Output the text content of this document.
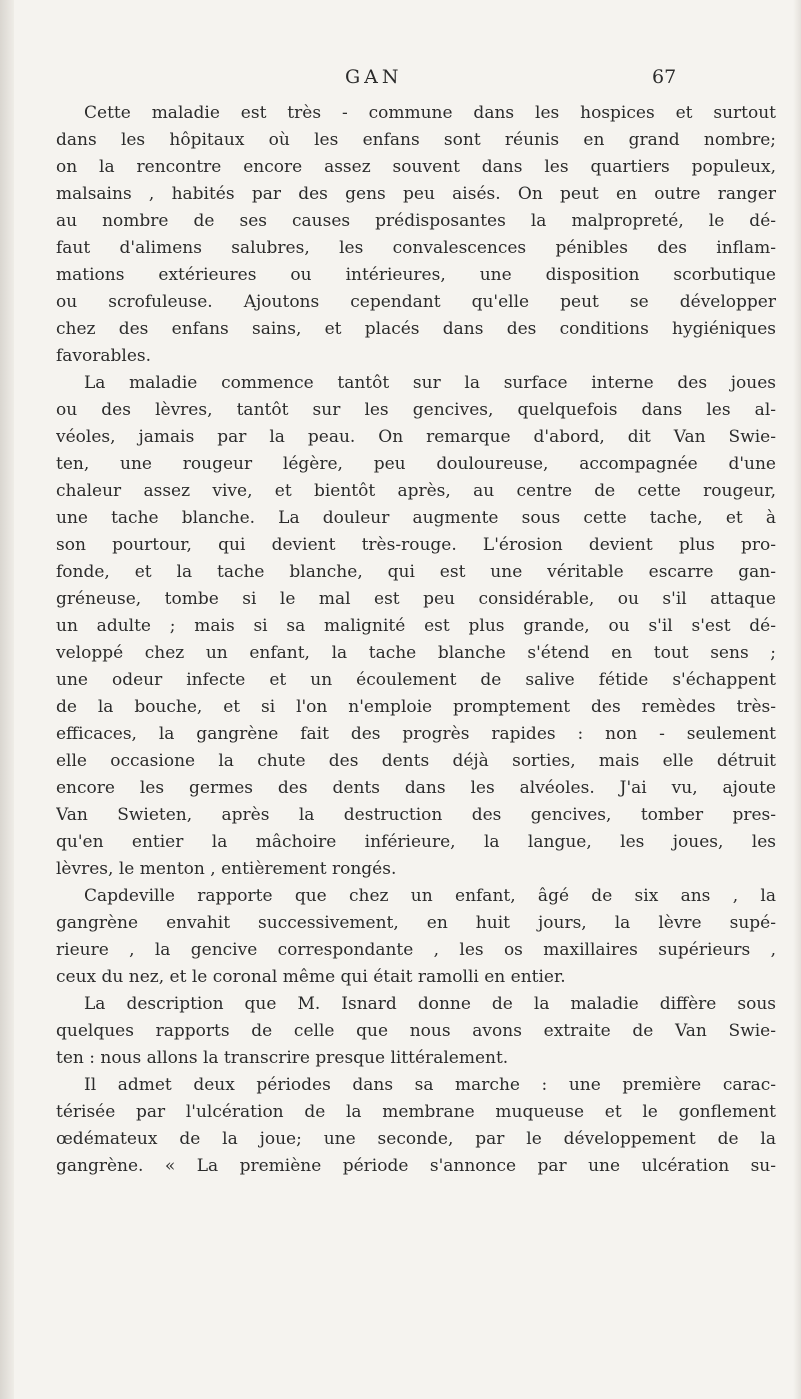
GAN	67
Cette maladie est très - commune dans les hospices et surtout
dans les hôpitaux où les enfans sont réunis en grand nombre;
on la rencontre encore assez souvent dans les quartiers populeux,
malsains , habités par des gens peu aisés. On peut en outre ranger
au nombre de ses causes prédisposantes la malpropreté, le dé-
faut d'alimens salubres, les convalescences pénibles des inflam-
mations extérieures ou intérieures, une disposition scorbutique
ou scrofuleuse. Ajoutons cependant qu'elle peut se développer
chez des enfans sains, et placés dans des conditions hygiéniques
favorables.
La maladie commence tantôt sur la surface interne des joues
ou des lèvres, tantôt sur les gencives, quelquefois dans les al-
véoles, jamais par la peau. On remarque d'abord, dit Van Swie-
ten, une rougeur légère, peu douloureuse, accompagnée d'une
chaleur assez vive, et bientôt après, au centre de cette rougeur,
une tache blanche. La douleur augmente sous cette tache, et à
son pourtour, qui devient très-rouge. L'érosion devient plus pro-
fonde, et la tache blanche, qui est une véritable escarre gan-
gréneuse, tombe si le mal est peu considérable, ou s'il attaque
un adulte ; mais si sa malignité est plus grande, ou s'il s'est dé-
veloppé chez un enfant, la tache blanche s'étend en tout sens ;
une odeur infecte et un écoulement de salive fétide s'échappent
de la bouche, et si l'on n'emploie promptement des remèdes très-
efficaces, la gangrène fait des progrès rapides : non - seulement
elle occasione la chute des dents déjà sorties, mais elle détruit
encore les germes des dents dans les alvéoles. J'ai vu, ajoute
Van Swieten, après la destruction des gencives, tomber pres-
qu'en entier la mâchoire inférieure, la langue, les joues, les
lèvres, le menton , entièrement rongés.
Capdeville rapporte que chez un enfant, âgé de six ans , la
gangrène envahit successivement, en huit jours, la lèvre supé-
rieure , la gencive correspondante , les os maxillaires supérieurs ,
ceux du nez, et le coronal même qui était ramolli en entier.
La description que M. Isnard donne de la maladie diffère sous
quelques rapports de celle que nous avons extraite de Van Swie-
ten : nous allons la transcrire presque littéralement.
Il admet deux périodes dans sa marche : une première carac-
térisée par l'ulcération de la membrane muqueuse et le gonflement
œdémateux de la joue; une seconde, par le développement de la
gangrène. « La premiène période s'annonce par une ulcération su-
